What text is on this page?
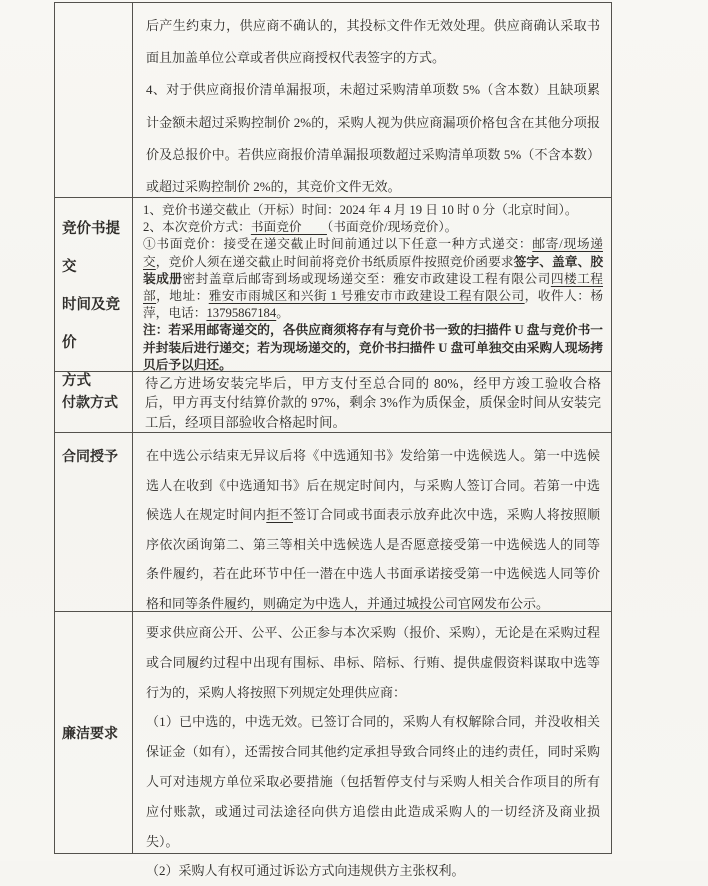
后产生约束力，供应商不确认的，其投标文件作无效处理。供应商确认采取书面且加盖单位公章或者供应商授权代表签字的方式。
4、对于供应商报价清单漏报项，未超过采购清单项数 5%（含本数）且缺项累计金额未超过采购控制价 2%的，采购人视为供应商漏项价格包含在其他分项报价及总报价中。若供应商报价清单漏报项数超过采购清单项数 5%（不含本数）或超过采购控制价 2%的，其竞价文件无效。
竞价书提交
时间及竞价
方式
1、竞价书递交截止（开标）时间：2024 年 4 月 19 日 10 时 0 分（北京时间）。
2、本次竞价方式：书面竞价　　（书面竞价/现场竞价）。
①书面竞价：接受在递交截止时间前通过以下任意一种方式递交：邮寄/现场递交，竞价人须在递交截止时间前将竞价书纸质原件按照竞价函要求签字、盖章、胶装成册密封盖章后邮寄到场或现场递交至：雅安市政建设工程有限公司四楼工程部，地址：雅安市雨城区和兴街 1 号雅安市市政建设工程有限公司，收件人：杨萍，电话：13795867184。
注：若采用邮寄递交的，各供应商须将存有与竞价书一致的扫描件 U 盘与竞价书一并封装后进行递交；若为现场递交的，竞价书扫描件 U 盘可单独交由采购人现场拷贝后予以归还。
付款方式
待乙方进场安装完毕后，甲方支付至总合同的 80%，经甲方竣工验收合格后，甲方再支付结算价款的 97%，剩余 3%作为质保金，质保金时间从安装完工后，经项目部验收合格起时间。
合同授予 在中选公示结束无异议后将《中选通知书》发给第一中选候选人。第一中选候选人在收到《中选通知书》后在规定时间内，与采购人签订合同。若第一中选候选人在规定时间内拒不签订合同或书面表示放弃此次中选，采购人将按照顺序依次函询第二、第三等相关中选候选人是否愿意接受第一中选候选人的同等条件履约，若在此环节中任一潜在中选人书面承诺接受第一中选候选人同等价格和同等条件履约，则确定为中选人，并通过城投公司官网发布公示。
廉洁要求
要求供应商公开、公平、公正参与本次采购（报价、采购），无论是在采购过程或合同履约过程中出现有围标、串标、陪标、行贿、提供虚假资料谋取中选等行为的，采购人将按照下列规定处理供应商：
（1）已中选的，中选无效。已签订合同的，采购人有权解除合同，并没收相关保证金（如有），还需按合同其他约定承担导致合同终止的违约责任，同时采购人可对违规方单位采取必要措施（包括暂停支付与采购人相关合作项目的所有应付账款，或通过司法途径向供方追偿由此造成采购人的一切经济及商业损失）。
（2）采购人有权可通过诉讼方式向违规供方主张权利。
